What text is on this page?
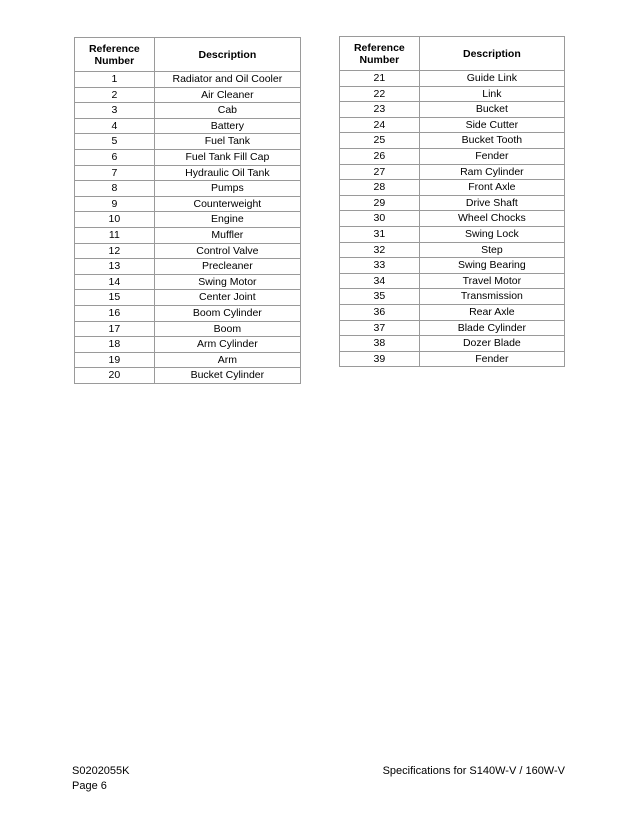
Reference Number	Description
1	Radiator and Oil Cooler
2	Air Cleaner
3	Cab
4	Battery
5	Fuel Tank
6	Fuel Tank Fill Cap
7	Hydraulic Oil Tank
8	Pumps
9	Counterweight
10	Engine
11	Muffler
12	Control Valve
13	Precleaner
14	Swing Motor
15	Center Joint
16	Boom Cylinder
17	Boom
18	Arm Cylinder
19	Arm
20	Bucket Cylinder
Reference Number	Description
21	Guide Link
22	Link
23	Bucket
24	Side Cutter
25	Bucket Tooth
26	Fender
27	Ram Cylinder
28	Front Axle
29	Drive Shaft
30	Wheel Chocks
31	Swing Lock
32	Step
33	Swing Bearing
34	Travel Motor
35	Transmission
36	Rear Axle
37	Blade Cylinder
38	Dozer Blade
39	Fender
S0202055K
Page 6
Specifications for S140W-V / 160W-V
